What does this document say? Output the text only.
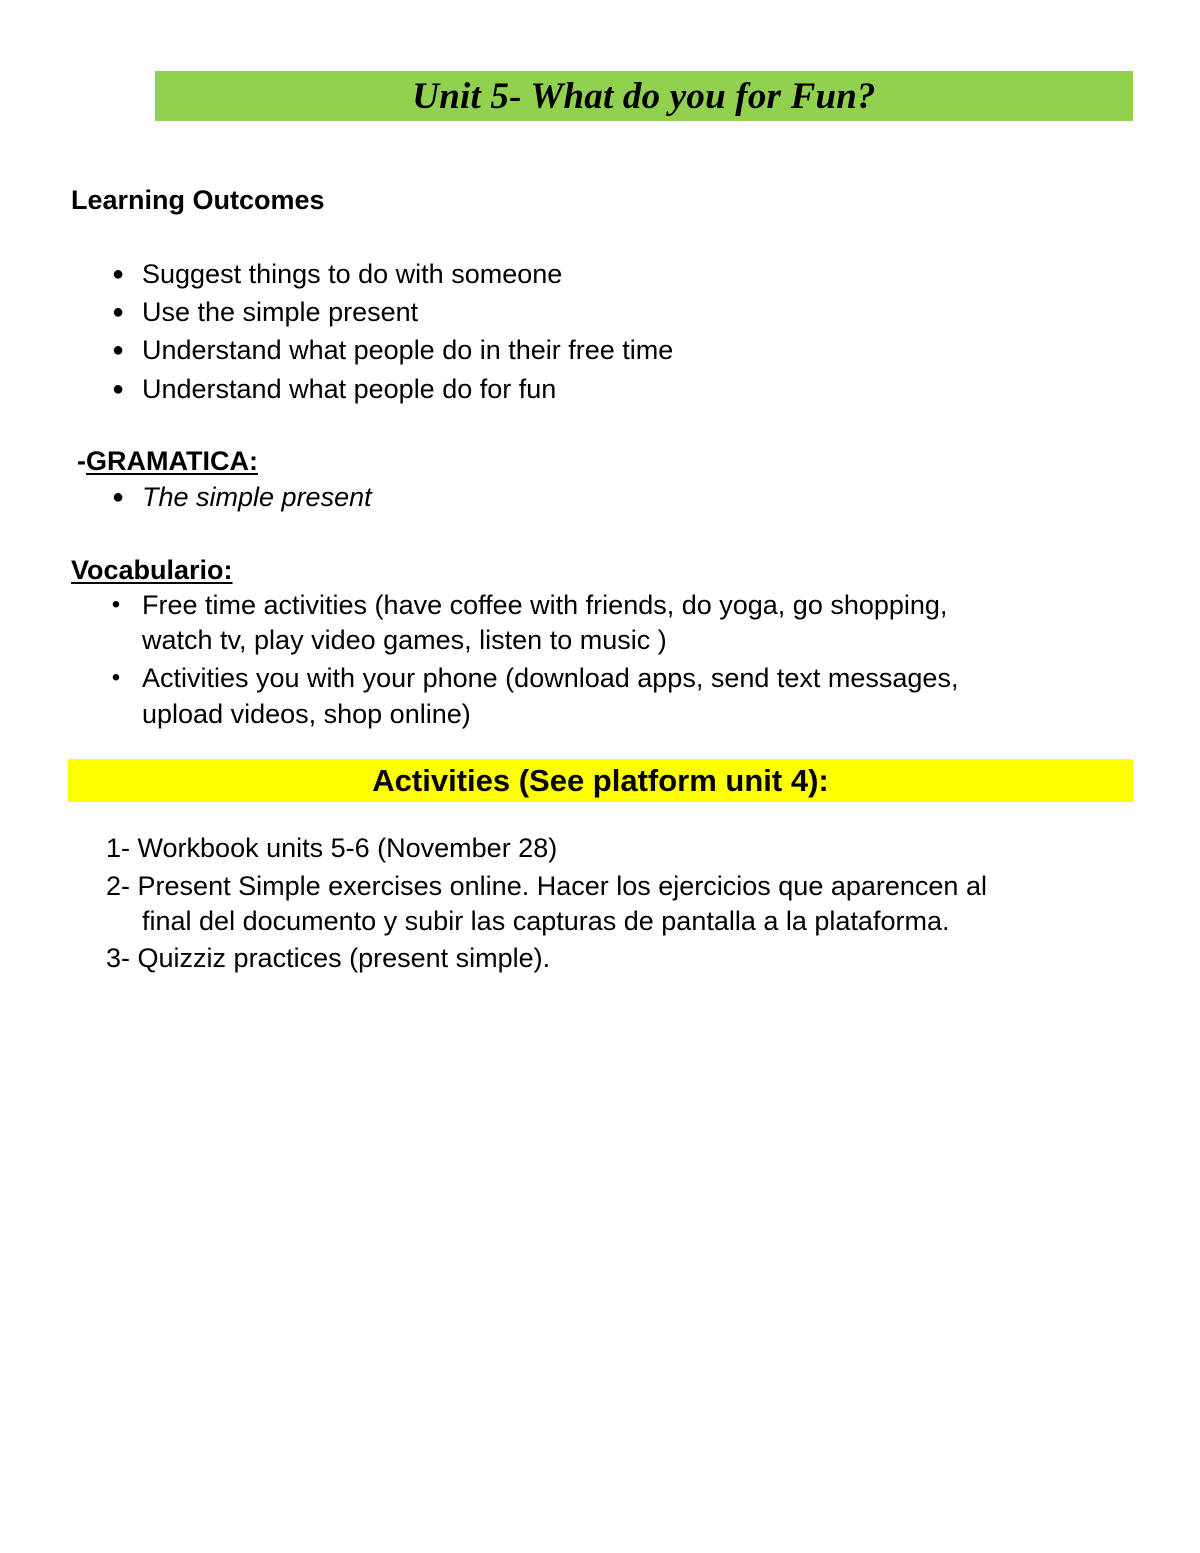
Unit 5- What do you for Fun?
Learning Outcomes
● Suggest things to do with someone
● Use the simple present
● Understand what people do in their free time
● Understand what people do for fun
-GRAMATICA:
● The simple present
Vocabulario:
• Free time activities (have coffee with friends, do yoga, go shopping,
watch tv, play video games, listen to music )
• Activities you with your phone (download apps, send text messages,
upload videos, shop online)
Activities (See platform unit 4):
1- Workbook units 5-6 (November 28)
2- Present Simple exercises online. Hacer los ejercicios que aparencen al
final del documento y subir las capturas de pantalla a la plataforma.
3- Quizziz practices (present simple).
